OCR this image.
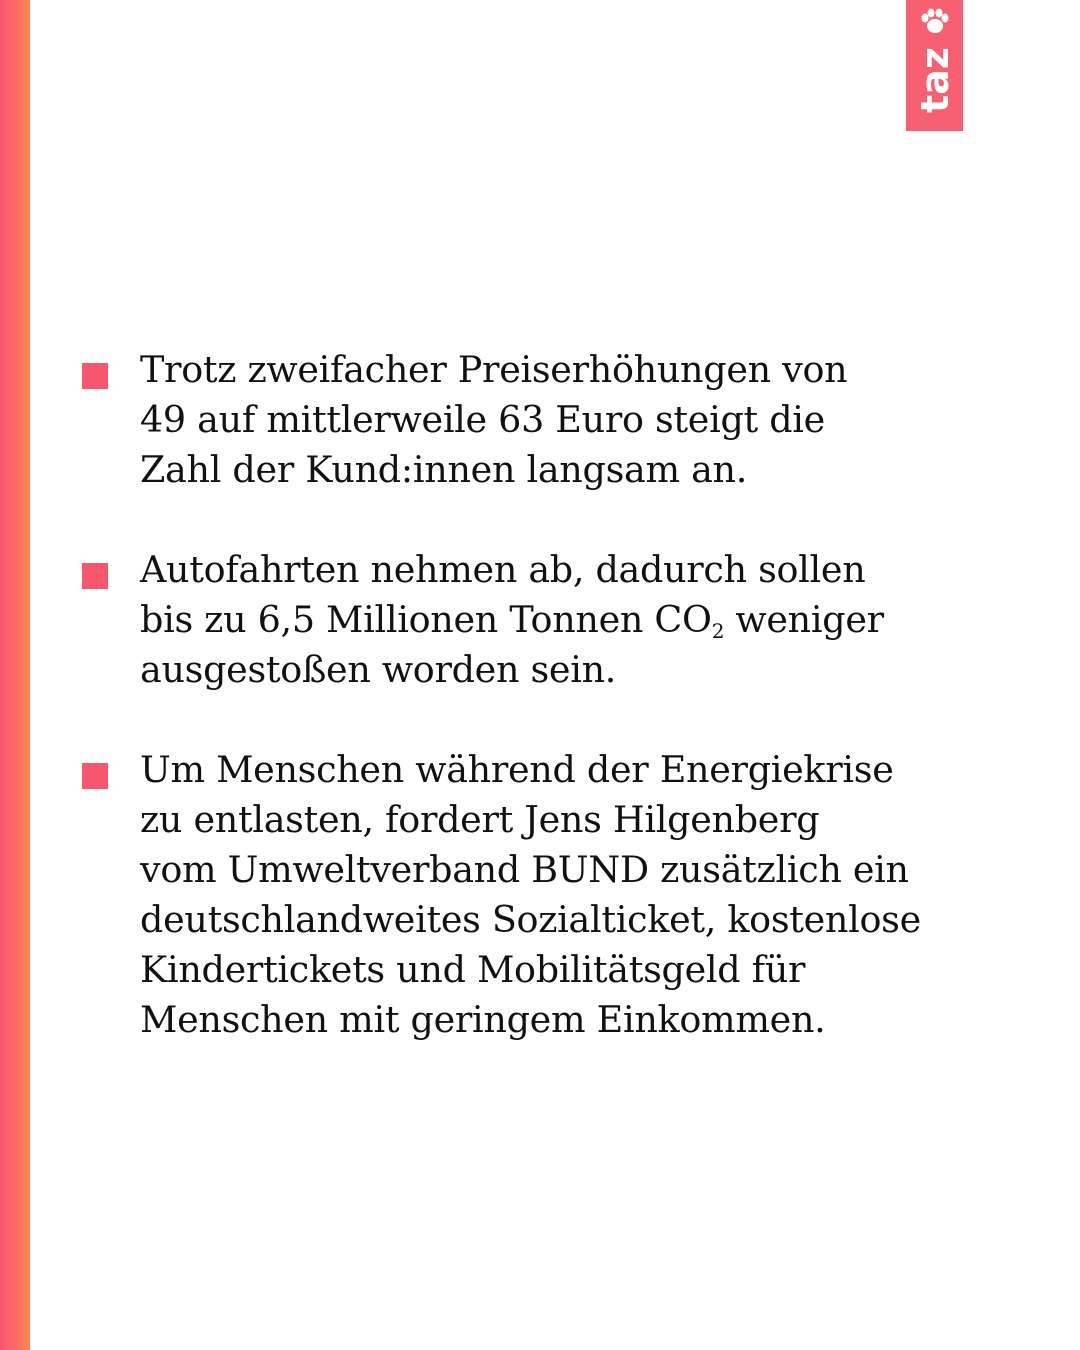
taz
Trotz zweifacher Preiserhöhungen von
49 auf mittlerweile 63 Euro steigt die
Zahl der Kund:innen langsam an.
Autofahrten nehmen ab, dadurch sollen
bis zu 6,5 Millionen Tonnen $CO_2$ weniger
ausgestoßen worden sein.
Um Menschen während der Energiekrise
zu entlasten, fordert Jens Hilgenberg
vom Umweltverband BUND zusätzlich ein
deutschlandweites Sozialticket, kostenlose
Kindertickets und Mobilitätsgeld für
Menschen mit geringem Einkommen.
